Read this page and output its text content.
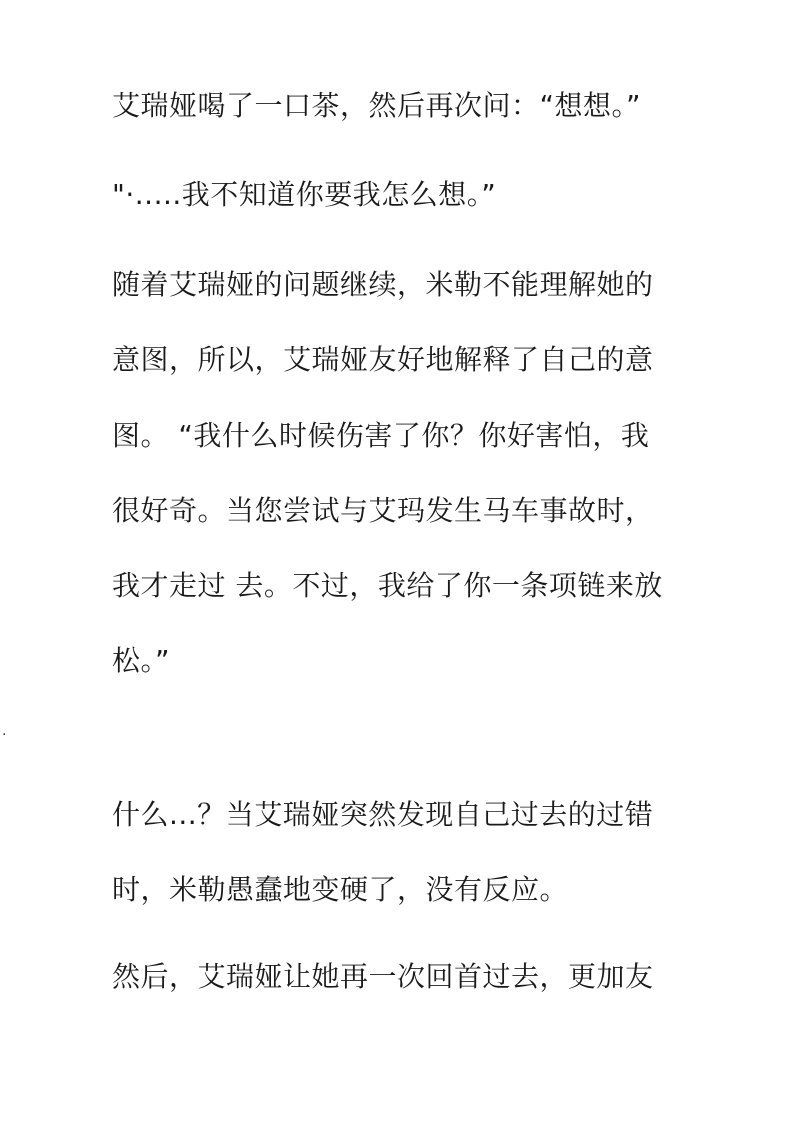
艾瑞娅喝了一口茶，然后再次问：“想想。”
"·.....我不知道你要我怎么想。”
随着艾瑞娅的问题继续，米勒不能理解她的
意图，所以，艾瑞娅友好地解释了自己的意
图。 “我什么时候伤害了你？你好害怕，我
很好奇。当您尝试与艾玛发生马车事故时，
我才走过 去。不过，我给了你一条项链来放
松。”
.
什么...？当艾瑞娅突然发现自己过去的过错
时，米勒愚蠢地变硬了，没有反应。
然后，艾瑞娅让她再一次回首过去，更加友
